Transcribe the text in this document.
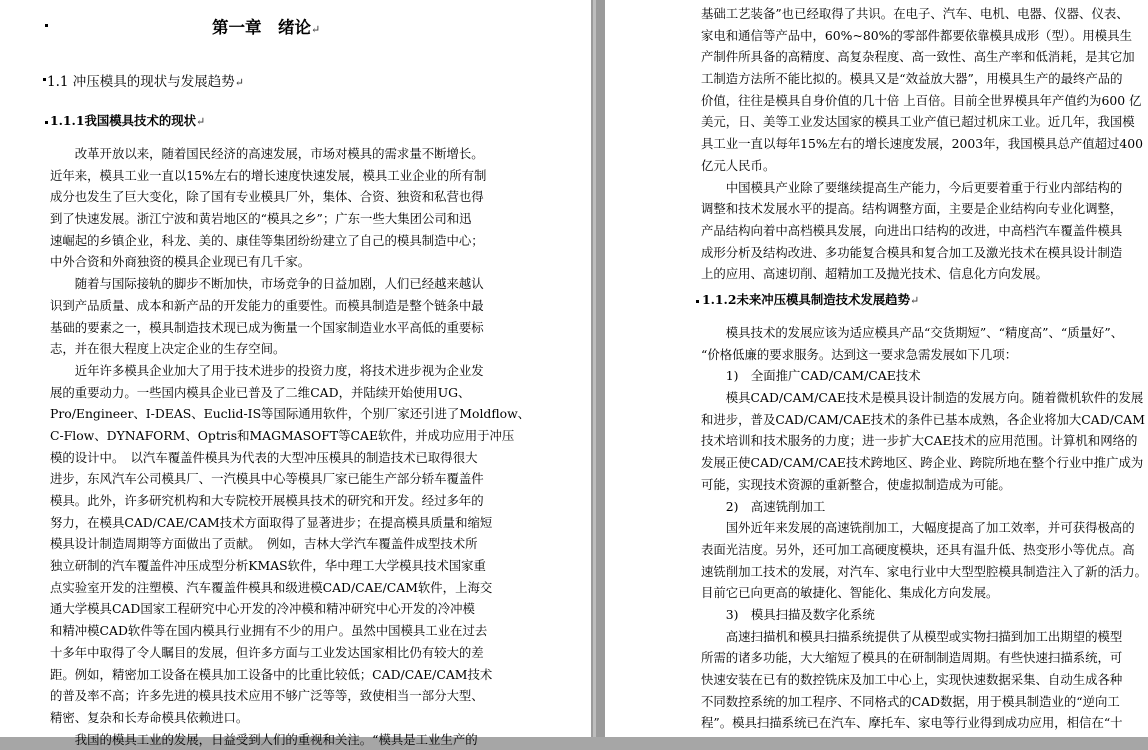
第一章　绪论↵
1.1 冲压模具的现状与发展趋势↵
1.1.1我国模具技术的现状↵
　　改革开放以来，随着国民经济的高速发展，市场对模具的需求量不断增长。
近年来，模具工业一直以15%左右的增长速度快速发展，模具工业企业的所有制
成分也发生了巨大变化，除了国有专业模具厂外，集体、合资、独资和私营也得
到了快速发展。浙江宁波和黄岩地区的“模具之乡”；广东一些大集团公司和迅
速崛起的乡镇企业，科龙、美的、康佳等集团纷纷建立了自己的模具制造中心；
中外合资和外商独资的模具企业现已有几千家。
　　随着与国际接轨的脚步不断加快，市场竞争的日益加剧，人们已经越来越认
识到产品质量、成本和新产品的开发能力的重要性。而模具制造是整个链条中最
基础的要素之一，模具制造技术现已成为衡量一个国家制造业水平高低的重要标
志，并在很大程度上决定企业的生存空间。
　　近年许多模具企业加大了用于技术进步的投资力度，将技术进步视为企业发
展的重要动力。一些国内模具企业已普及了二维CAD，并陆续开始使用UG、
Pro/Engineer、I-DEAS、Euclid-IS等国际通用软件，个别厂家还引进了Moldflow、
C-Flow、DYNAFORM、Optris和MAGMASOFT等CAE软件，并成功应用于冲压
模的设计中。　以汽车覆盖件模具为代表的大型冲压模具的制造技术已取得很大
进步，东风汽车公司模具厂、一汽模具中心等模具厂家已能生产部分轿车覆盖件
模具。此外，许多研究机构和大专院校开展模具技术的研究和开发。经过多年的
努力，在模具CAD/CAE/CAM技术方面取得了显著进步；在提高模具质量和缩短
模具设计制造周期等方面做出了贡献。　例如，吉林大学汽车覆盖件成型技术所
独立研制的汽车覆盖件冲压成型分析KMAS软件，华中理工大学模具技术国家重
点实验室开发的注塑模、汽车覆盖件模具和级进模CAD/CAE/CAM软件，上海交
通大学模具CAD国家工程研究中心开发的冷冲模和精冲研究中心开发的冷冲模
和精冲模CAD软件等在国内模具行业拥有不少的用户。虽然中国模具工业在过去
十多年中取得了令人瞩目的发展，但许多方面与工业发达国家相比仍有较大的差
距。例如，精密加工设备在模具加工设备中的比重比较低；CAD/CAE/CAM技术
的普及率不高；许多先进的模具技术应用不够广泛等等，致使相当一部分大型、
精密、复杂和长寿命模具依赖进口。
　　我国的模具工业的发展，日益受到人们的重视和关注。“模具是工业生产的
基础工艺装备”也已经取得了共识。在电子、汽车、电机、电器、仪器、仪表、
家电和通信等产品中，60%~80%的零部件都要依靠模具成形（型）。用模具生
产制件所具备的高精度、高复杂程度、高一致性、高生产率和低消耗，是其它加
工制造方法所不能比拟的。模具又是“效益放大器”，用模具生产的最终产品的
价值，往往是模具自身价值的几十倍 上百倍。目前全世界模具年产值约为600 亿
美元，日、美等工业发达国家的模具工业产值已超过机床工业。近几年，我国模
具工业一直以每年15%左右的增长速度发展，2003年，我国模具总产值超过400
亿元人民币。
　　中国模具产业除了要继续提高生产能力，今后更要着重于行业内部结构的
调整和技术发展水平的提高。结构调整方面，主要是企业结构向专业化调整，
产品结构向着中高档模具发展，向进出口结构的改进，中高档汽车覆盖件模具
成形分析及结构改进、多功能复合模具和复合加工及激光技术在模具设计制造
上的应用、高速切削、超精加工及抛光技术、信息化方向发展。
1.1.2未来冲压模具制造技术发展趋势↵
　　模具技术的发展应该为适应模具产品“交货期短”、“精度高”、“质量好”、
“价格低廉的要求服务。达到这一要求急需发展如下几项：
　　1)　全面推广CAD/CAM/CAE技术
　　模具CAD/CAM/CAE技术是模具设计制造的发展方向。随着微机软件的发展
和进步，普及CAD/CAM/CAE技术的条件已基本成熟，各企业将加大CAD/CAM
技术培训和技术服务的力度；进一步扩大CAE技术的应用范围。计算机和网络的
发展正使CAD/CAM/CAE技术跨地区、跨企业、跨院所地在整个行业中推广成为
可能，实现技术资源的重新整合，使虚拟制造成为可能。
　　2)　高速铣削加工
　　国外近年来发展的高速铣削加工，大幅度提高了加工效率，并可获得极高的
表面光洁度。另外，还可加工高硬度模块，还具有温升低、热变形小等优点。高
速铣削加工技术的发展，对汽车、家电行业中大型型腔模具制造注入了新的活力。
目前它已向更高的敏捷化、智能化、集成化方向发展。
　　3)　模具扫描及数字化系统
　　高速扫描机和模具扫描系统提供了从模型或实物扫描到加工出期望的模型
所需的诸多功能，大大缩短了模具的在研制制造周期。有些快速扫描系统，可
快速安装在已有的数控铣床及加工中心上，实现快速数据采集、自动生成各种
不同数控系统的加工程序、不同格式的CAD数据，用于模具制造业的“逆向工
程”。模具扫描系统已在汽车、摩托车、家电等行业得到成功应用，相信在“十
